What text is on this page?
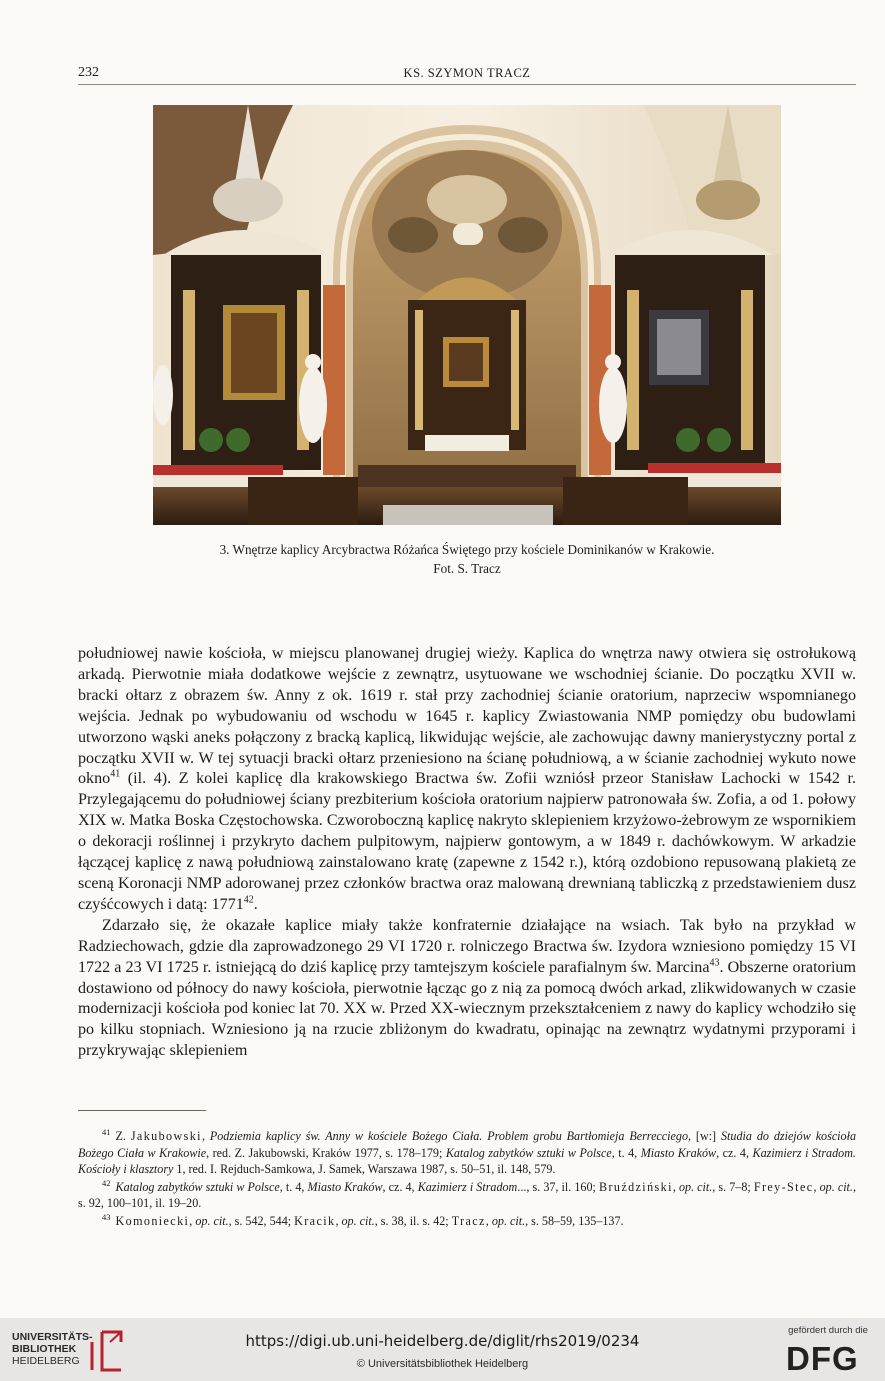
232	KS. SZYMON TRACZ
3. Wnętrze kaplicy Arcybractwa Różańca Świętego przy kościele Dominikanów w Krakowie.
Fot. S. Tracz

południowej nawie kościoła, w miejscu planowanej drugiej wieży. Kaplica do wnętrza nawy otwiera się ostrołukową arkadą. Pierwotnie miała dodatkowe wejście z zewnątrz, usytuowane we wschodniej ścianie. Do początku XVII w. bracki ołtarz z obrazem św. Anny z ok. 1619 r. stał przy zachodniej ścianie oratorium, naprzeciw wspomnianego wejścia. Jednak po wybudowaniu od wschodu w 1645 r. kaplicy Zwiastowania NMP pomiędzy obu budowlami utworzono wąski aneks połączony z bracką kaplicą, likwidując wejście, ale zachowując dawny manierystyczny portal z początku XVII w. W tej sytuacji bracki ołtarz przeniesiono na ścianę południową, a w ścianie zachodniej wykuto nowe okno$^{41}$ (il. 4). Z kolei kaplicę dla krakowskiego Bractwa św. Zofii wzniósł przeor Stanisław Lachocki w 1542 r. Przylegającemu do południowej ściany prezbiterium kościoła oratorium najpierw patronowała św. Zofia, a od 1. połowy XIX w. Matka Boska Częstochowska. Czworoboczną kaplicę nakryto sklepieniem krzyżowo-żebrowym ze wspornikiem o dekoracji roślinnej i przykryto dachem pulpitowym, najpierw gontowym, a w 1849 r. dachówkowym. W arkadzie łączącej kaplicę z nawą południową zainstalowano kratę (zapewne z 1542 r.), którą ozdobiono repusowaną plakietą ze sceną Koronacji NMP adorowanej przez członków bractwa oraz malowaną drewnianą tabliczką z przedstawieniem dusz czyśćcowych i datą: 1771$^{42}$.

Zdarzało się, że okazałe kaplice miały także konfraternie działające na wsiach. Tak było na przykład w Radziechowach, gdzie dla zaprowadzonego 29 VI 1720 r. rolniczego Bractwa św. Izydora wzniesiono pomiędzy 15 VI 1722 a 23 VI 1725 r. istniejącą do dziś kaplicę przy tamtejszym kościele parafialnym św. Marcina$^{43}$. Obszerne oratorium dostawiono od północy do nawy kościoła, pierwotnie łącząc go z nią za pomocą dwóch arkad, zlikwidowanych w czasie modernizacji kościoła pod koniec lat 70. XX w. Przed XX-wiecznym przekształceniem z nawy do kaplicy wchodziło się po kilku stopniach. Wzniesiono ją na rzucie zbliżonym do kwadratu, opinając na zewnątrz wydatnymi przyporami i przykrywając sklepieniem

$^{41}$ Z. Jakubowski, Podziemia kaplicy św. Anny w kościele Bożego Ciała. Problem grobu Bartłomieja Berrecciego, [w:] Studia do dziejów kościoła Bożego Ciała w Krakowie, red. Z. Jakubowski, Kraków 1977, s. 178–179; Katalog zabytków sztuki w Polsce, t. 4, Miasto Kraków, cz. 4, Kazimierz i Stradom. Kościoły i klasztory 1, red. I. Rejduch-Samkowa, J. Samek, Warszawa 1987, s. 50–51, il. 148, 579.

$^{42}$ Katalog zabytków sztuki w Polsce, t. 4, Miasto Kraków, cz. 4, Kazimierz i Stradom..., s. 37, il. 160; Bruździński, op. cit., s. 7–8; Frey-Stec, op. cit., s. 92, 100–101, il. 19–20.

$^{43}$ Komoniecki, op. cit., s. 542, 544; Kracik, op. cit., s. 38, il. s. 42; Tracz, op. cit., s. 58–59, 135–137.

UNIVERSITÄTS-
BIBLIOTHEK
HEIDELBERG
https://digi.ub.uni-heidelberg.de/diglit/rhs2019/0234
© Universitätsbibliothek Heidelberg
gefördert durch die
DFG
